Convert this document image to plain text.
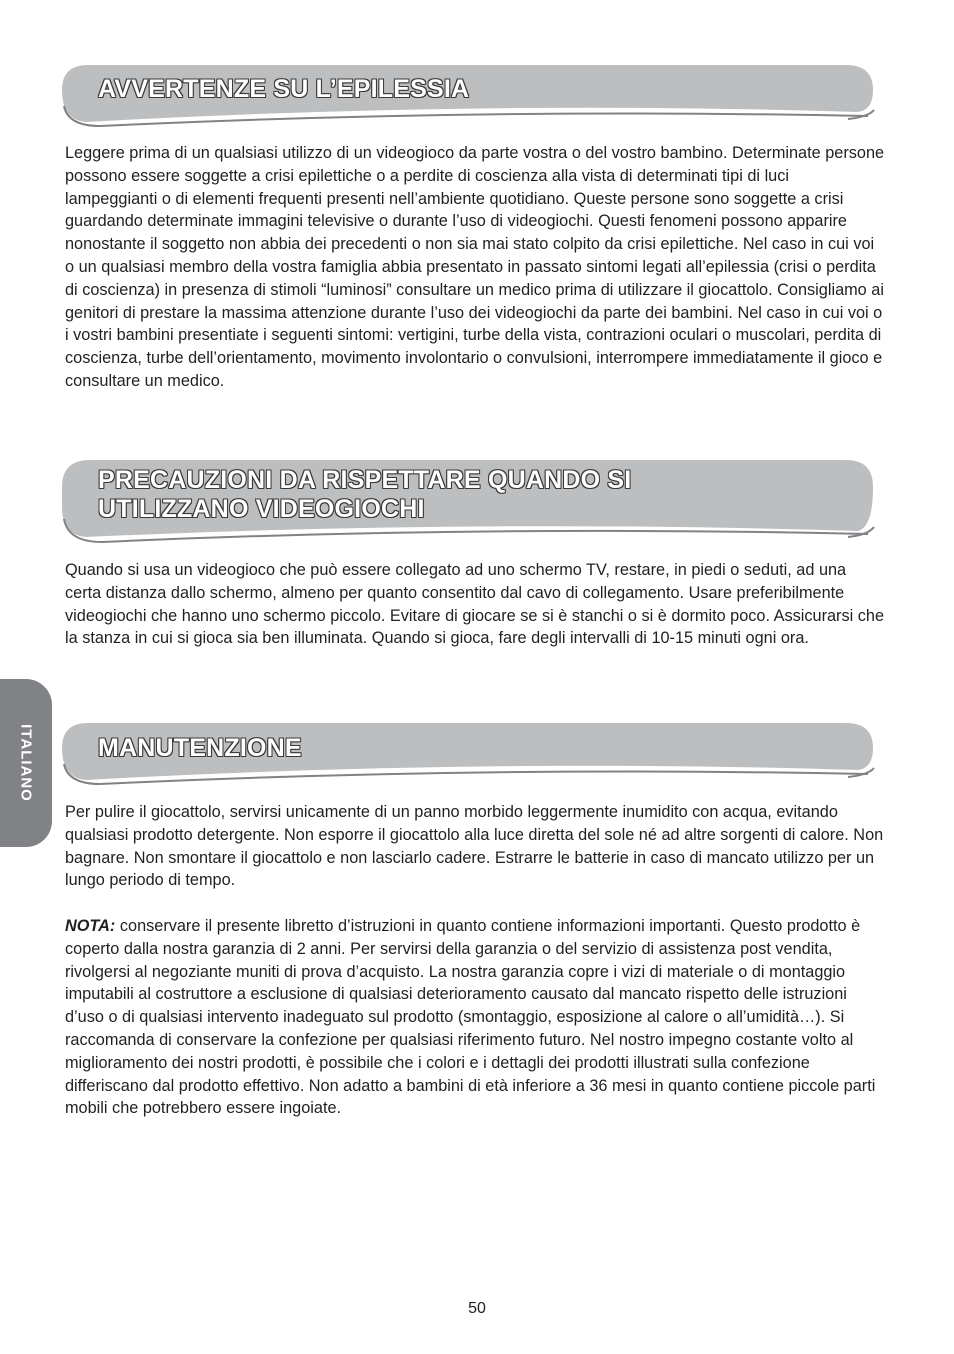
AVVERTENZE SU L’EPILESSIA

Leggere prima di un qualsiasi utilizzo di un videogioco da parte vostra o del vostro bambino. Determinate persone possono essere soggette a crisi epilettiche o a perdite di coscienza alla vista di determinati tipi di luci lampeggianti o di elementi frequenti presenti nell’ambiente quotidiano. Queste persone sono soggette a crisi guardando determinate immagini televisive o durante l’uso di videogiochi. Questi fenomeni possono apparire nonostante il soggetto non abbia dei precedenti o non sia mai stato colpito da crisi epilettiche. Nel caso in cui voi o un qualsiasi membro della vostra famiglia abbia presentato in passato sintomi legati all’epilessia (crisi o perdita di coscienza) in presenza di stimoli “luminosi” consultare un medico prima di utilizzare il giocattolo. Consigliamo ai genitori di prestare la massima attenzione durante l’uso dei videogiochi da parte dei bambini. Nel caso in cui voi o i vostri bambini presentiate i seguenti sintomi: vertigini, turbe della vista, contrazioni oculari o muscolari, perdita di coscienza, turbe dell’orientamento, movimento involontario o convulsioni, interrompere immediatamente il gioco e consultare un medico.

PRECAUZIONI DA RISPETTARE QUANDO SI
UTILIZZANO VIDEOGIOCHI

Quando si usa un videogioco che può essere collegato ad uno schermo TV, restare, in piedi o seduti, ad una certa distanza dallo schermo, almeno per quanto consentito dal cavo di collegamento. Usare preferibilmente videogiochi che hanno uno schermo piccolo. Evitare di giocare se si è stanchi o si è dormito poco. Assicurarsi che la stanza in cui si gioca sia ben illuminata. Quando si gioca, fare degli intervalli di 10-15 minuti ogni ora.

MANUTENZIONE

Per pulire il giocattolo, servirsi unicamente di un panno morbido leggermente inumidito con acqua, evitando qualsiasi prodotto detergente. Non esporre il giocattolo alla luce diretta del sole né ad altre sorgenti di calore. Non bagnare. Non smontare il giocattolo e non lasciarlo cadere. Estrarre le batterie in caso di mancato utilizzo per un lungo periodo di tempo.

NOTA: conservare il presente libretto d’istruzioni in quanto contiene informazioni importanti. Questo prodotto è coperto dalla nostra garanzia di 2 anni. Per servirsi della garanzia o del servizio di assistenza post vendita, rivolgersi al negoziante muniti di prova d’acquisto. La nostra garanzia copre i vizi di materiale o di montaggio imputabili al costruttore a esclusione di qualsiasi deterioramento causato dal mancato rispetto delle istruzioni d’uso o di qualsiasi intervento inadeguato sul prodotto (smontaggio, esposizione al calore o all’umidità…). Si raccomanda di conservare la confezione per qualsiasi riferimento futuro. Nel nostro impegno costante volto al miglioramento dei nostri prodotti, è possibile che i colori e i dettagli dei prodotti illustrati sulla confezione differiscano dal prodotto effettivo. Non adatto a bambini di età inferiore a 36 mesi in quanto contiene piccole parti mobili che potrebbero essere ingoiate.

ITALIANO
50
